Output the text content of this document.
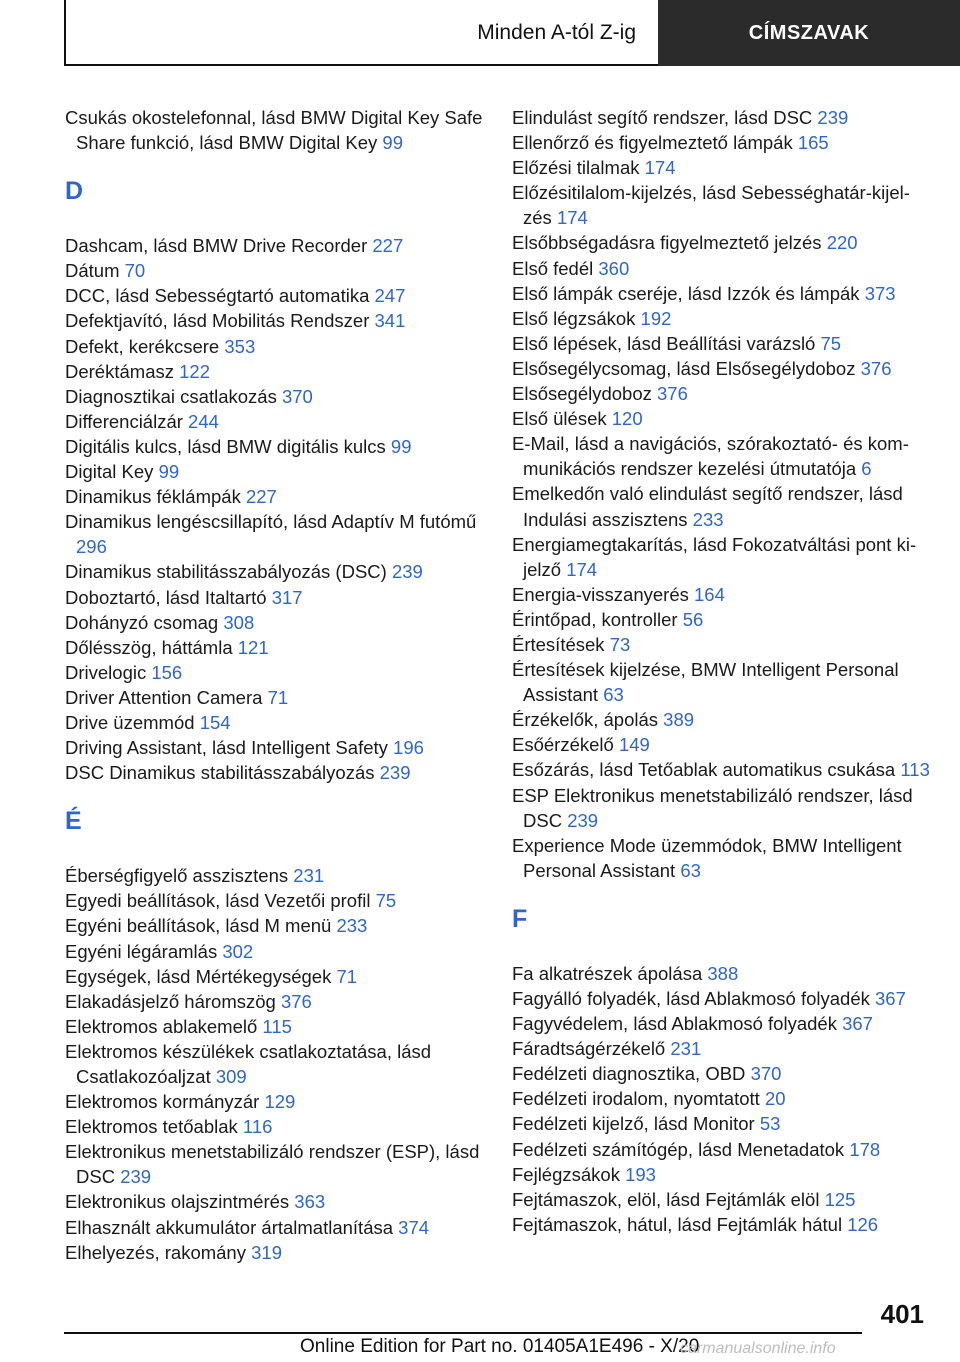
Minden A-tól Z-ig	CÍMSZAVAK
Csukás okostelefonnal, lásd BMW Digital Key Safe Share funkció, lásd BMW Digital Key 99
D
Dashcam, lásd BMW Drive Recorder 227
Dátum 70
DCC, lásd Sebességtartó automatika 247
Defektjavító, lásd Mobilitás Rendszer 341
Defekt, kerékcsere 353
Deréktámasz 122
Diagnosztikai csatlakozás 370
Differenciálzár 244
Digitális kulcs, lásd BMW digitális kulcs 99
Digital Key 99
Dinamikus féklámpák 227
Dinamikus lengéscsillapító, lásd Adaptív M futómű296
Dinamikus stabilitásszabályozás (DSC) 239
Doboztartó, lásd Italtartó 317
Dohányzó csomag 308
Dőlésszög, háttámla 121
Drivelogic 156
Driver Attention Camera 71
Drive üzemmód 154
Driving Assistant, lásd Intelligent Safety 196
DSC Dinamikus stabilitásszabályozás 239
É
Éberségfigyelő asszisztens 231
Egyedi beállítások, lásd Vezetői profil 75
Egyéni beállítások, lásd M menü 233
Egyéni légáramlás 302
Egységek, lásd Mértékegységek 71
Elakadásjelző háromszög 376
Elektromos ablakemelő 115
Elektromos készülékek csatlakoztatása, lásd Csatlakozóaljzat 309
Elektromos kormányzár 129
Elektromos tetőablak 116
Elektronikus menetstabilizáló rendszer (ESP), lásd DSC 239
Elektronikus olajszintmérés 363
Elhasznált akkumulátor ártalmatlanítása 374
Elhelyezés, rakomány 319
Elindulást segítő rendszer, lásd DSC 239
Ellenőrző és figyelmeztető lámpák 165
Előzési tilalmak 174
Előzésitilalom-kijelzés, lásd Sebességhatár-kijelzés 174
Elsőbbségadásra figyelmeztető jelzés 220
Első fedél 360
Első lámpák cseréje, lásd Izzók és lámpák 373
Első légzsákok 192
Első lépések, lásd Beállítási varázsló 75
Elsősegélycsomag, lásd Elsősegélydoboz 376
Elsősegélydoboz 376
Első ülések 120
E-Mail, lásd a navigációs, szórakoztató- és kommunikációs rendszer kezelési útmutatója 6
Emelkedőn való elindulást segítő rendszer, lásd Indulási asszisztens 233
Energiamegtakarítás, lásd Fokozatváltási pont kijelző 174
Energia-visszanyerés 164
Érintőpad, kontroller 56
Értesítések 73
Értesítések kijelzése, BMW Intelligent Personal Assistant 63
Érzékelők, ápolás 389
Esőérzékelő 149
Esőzárás, lásd Tetőablak automatikus csukása 113
ESP Elektronikus menetstabilizáló rendszer, lásd DSC 239
Experience Mode üzemmódok, BMW Intelligent Personal Assistant 63
F
Fa alkatrészek ápolása 388
Fagyálló folyadék, lásd Ablakmosó folyadék 367
Fagyvédelem, lásd Ablakmosó folyadék 367
Fáradtságérzékelő 231
Fedélzeti diagnosztika, OBD 370
Fedélzeti irodalom, nyomtatott 20
Fedélzeti kijelző, lásd Monitor 53
Fedélzeti számítógép, lásd Menetadatok 178
Fejlégzsákok 193
Fejtámaszok, elöl, lásd Fejtámlák elöl 125
Fejtámaszok, hátul, lásd Fejtámlák hátul 126
401
Online Edition for Part no. 01405A1E496 - X/20
carmanualsonline.info
